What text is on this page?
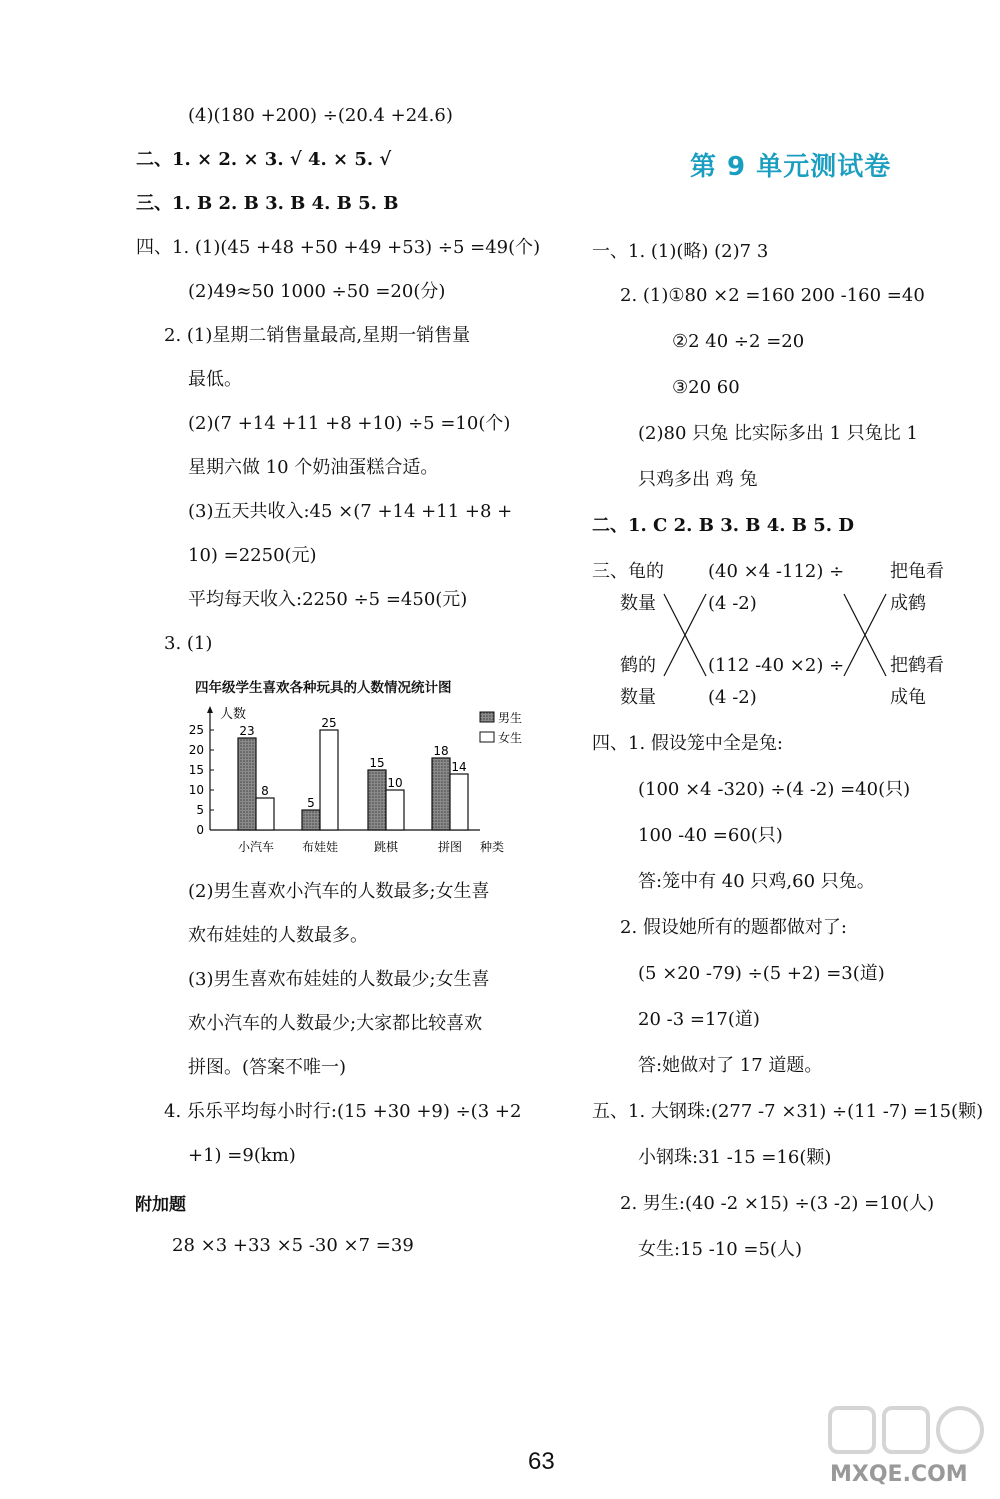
(4)(180 +200) ÷(20.4 +24.6)
二、1. × 2. × 3. √ 4. × 5. √
三、1. B 2. B 3. B 4. B 5. B
四、1. (1)(45 +48 +50 +49 +53) ÷5 =49(个)
(2)49≈50 1000 ÷50 =20(分)
2. (1)星期二销售量最高,星期一销售量
最低。
(2)(7 +14 +11 +8 +10) ÷5 =10(个)
星期六做 10 个奶油蛋糕合适。
(3)五天共收入:45 ×(7 +14 +11 +8 +
10) =2250(元)
平均每天收入:2250 ÷5 =450(元)
3. (1)
四年级学生喜欢各种玩具的人数情况统计图
人数
种类
0
5
10
15
20
25	23
8
小汽车
5
25
布娃娃
15
10
跳棋
18
14
拼图
男生
女生
(2)男生喜欢小汽车的人数最多;女生喜
欢布娃娃的人数最多。
(3)男生喜欢布娃娃的人数最少;女生喜
欢小汽车的人数最少;大家都比较喜欢
拼图。(答案不唯一)
4. 乐乐平均每小时行:(15 +30 +9) ÷(3 +2
+1) =9(km)
附加题
28 ×3 +33 ×5 -30 ×7 =39
第 9 单元测试卷
一、1. (1)(略) (2)7 3
2. (1)①80 ×2 =160 200 -160 =40
②2 40 ÷2 =20
③20 60
(2)80 只兔 比实际多出 1 只兔比 1
只鸡多出 鸡 兔
二、1. C 2. B 3. B 4. B 5. D
三、龟的
数量
鹤的
数量
(40 ×4 -112) ÷
(4 -2)
(112 -40 ×2) ÷
(4 -2)
把龟看
成鹤
把鹤看
成龟
四、1. 假设笼中全是兔:
(100 ×4 -320) ÷(4 -2) =40(只)
100 -40 =60(只)
答:笼中有 40 只鸡,60 只兔。
2. 假设她所有的题都做对了:
(5 ×20 -79) ÷(5 +2) =3(道)
20 -3 =17(道)
答:她做对了 17 道题。
五、1. 大钢珠:(277 -7 ×31) ÷(11 -7) =15(颗)
小钢珠:31 -15 =16(颗)
2. 男生:(40 -2 ×15) ÷(3 -2) =10(人)
女生:15 -10 =5(人)
63	MXQE.COM
